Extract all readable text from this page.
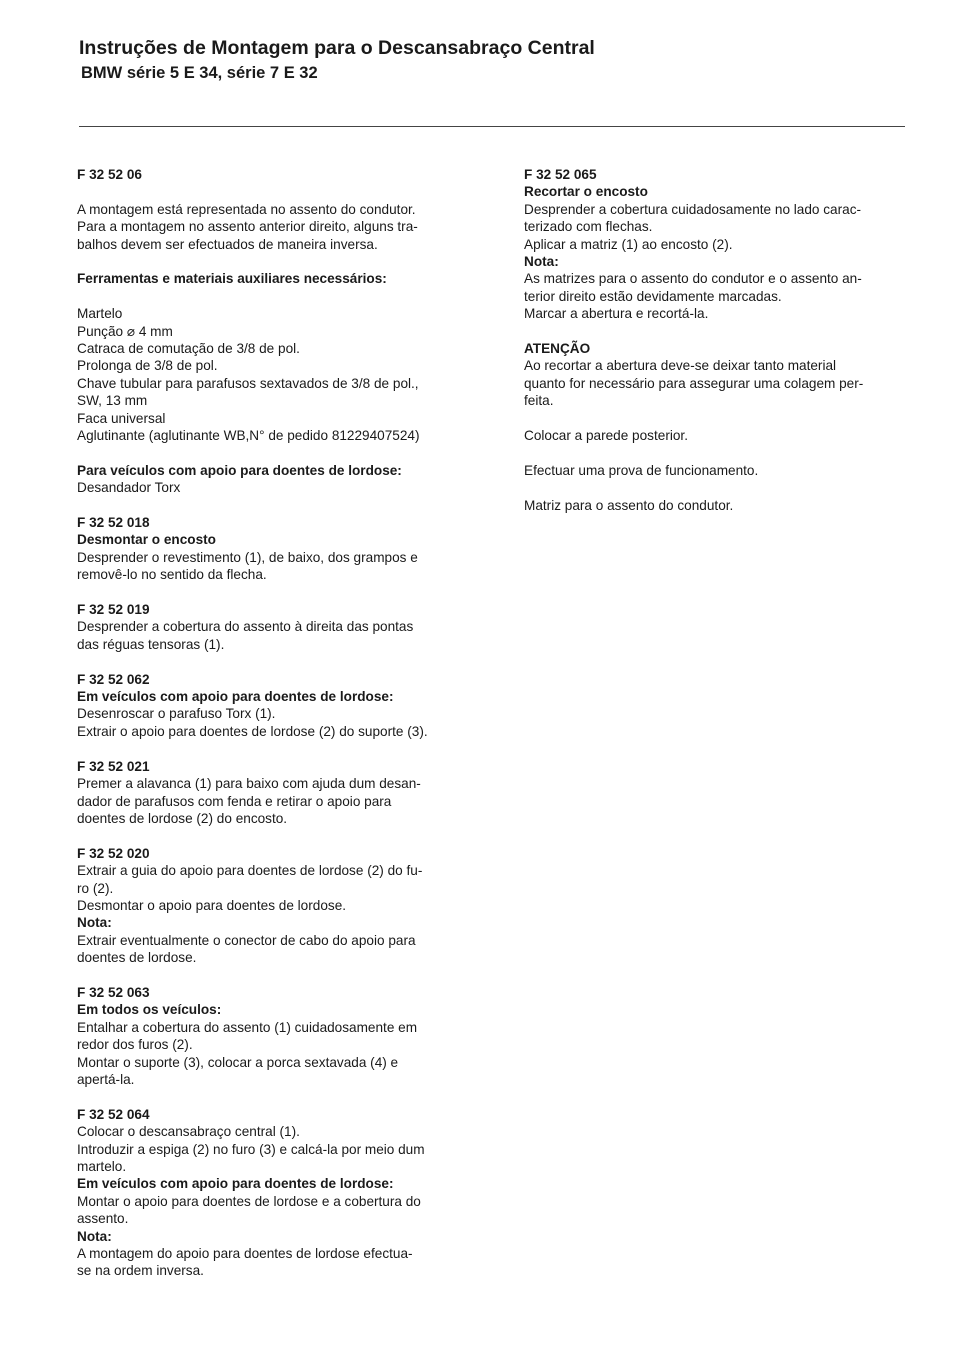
Instruções de Montagem para o Descansabraço Central
BMW série 5 E 34, série 7 E 32

F 32 52 06

A montagem está representada no assento do condutor.

Para a montagem no assento anterior direito, alguns tra-

balhos devem ser efectuados de maneira inversa.

Ferramentas e materiais auxiliares necessários:

Martelo

Punção ⌀ 4 mm

Catraca de comutação de 3/8 de pol.

Prolonga de 3/8 de pol.

Chave tubular para parafusos sextavados de 3/8 de pol.,

SW, 13 mm

Faca universal

Aglutinante (aglutinante WB,N° de pedido 81229407524)

Para veículos com apoio para doentes de lordose:

Desandador Torx

F 32 52 018

Desmontar o encosto

Desprender o revestimento (1), de baixo, dos grampos e

removê-lo no sentido da flecha.

F 32 52 019

Desprender a cobertura do assento à direita das pontas

das réguas tensoras (1).

F 32 52 062

Em veículos com apoio para doentes de lordose:

Desenroscar o parafuso Torx (1).

Extrair o apoio para doentes de lordose (2) do suporte (3).

F 32 52 021

Premer a alavanca (1) para baixo com ajuda dum desan-

dador de parafusos com fenda e retirar o apoio para

doentes de lordose (2) do encosto.

F 32 52 020

Extrair a guia do apoio para doentes de lordose (2) do fu-

ro (2).

Desmontar o apoio para doentes de lordose.

Nota:

Extrair eventualmente o conector de cabo do apoio para

doentes de lordose.

F 32 52 063

Em todos os veículos:

Entalhar a cobertura do assento (1) cuidadosamente em

redor dos furos (2).

Montar o suporte (3), colocar a porca sextavada (4) e

apertá-la.

F 32 52 064

Colocar o descansabraço central (1).

Introduzir a espiga (2) no furo (3) e calcá-la por meio dum

martelo.

Em veículos com apoio para doentes de lordose:

Montar o apoio para doentes de lordose e a cobertura do

assento.

Nota:

A montagem do apoio para doentes de lordose efectua-

se na ordem inversa.

F 32 52 065

Recortar o encosto

Desprender a cobertura cuidadosamente no lado carac-

terizado com flechas.

Aplicar a matriz (1) ao encosto (2).

Nota:

As matrizes para o assento do condutor e o assento an-

terior direito estão devidamente marcadas.

Marcar a abertura e recortá-la.

ATENÇÃO

Ao recortar a abertura deve-se deixar tanto material

quanto for necessário para assegurar uma colagem per-

feita.

Colocar a parede posterior.

Efectuar uma prova de funcionamento.

Matriz para o assento do condutor.
